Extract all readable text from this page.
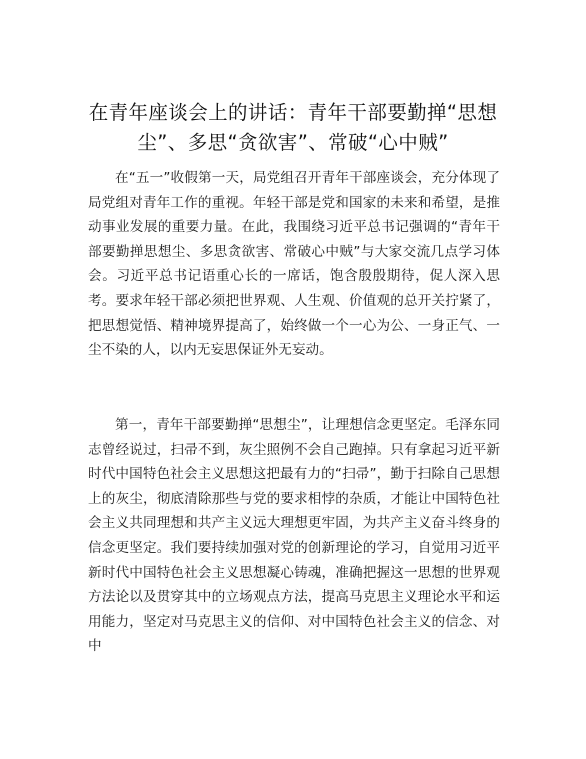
在青年座谈会上的讲话：青年干部要勤掸“思想尘”、多思“贪欲害”、常破“心中贼”

在“五一”收假第一天，局党组召开青年干部座谈会，充分体现了局党组对青年工作的重视。年轻干部是党和国家的未来和希望，是推动事业发展的重要力量。在此，我围绕习近平总书记强调的“青年干部要勤掸思想尘、多思贪欲害、常破心中贼”与大家交流几点学习体会。习近平总书记语重心长的一席话，饱含殷殷期待，促人深入思考。要求年轻干部必须把世界观、人生观、价值观的总开关拧紧了，把思想觉悟、精神境界提高了，始终做一个一心为公、一身正气、一尘不染的人，以内无妄思保证外无妄动。

第一，青年干部要勤掸“思想尘”，让理想信念更坚定。毛泽东同志曾经说过，扫帚不到，灰尘照例不会自己跑掉。只有拿起习近平新时代中国特色社会主义思想这把最有力的“扫帚”，勤于扫除自己思想上的灰尘，彻底清除那些与党的要求相悖的杂质，才能让中国特色社会主义共同理想和共产主义远大理想更牢固，为共产主义奋斗终身的信念更坚定。我们要持续加强对党的创新理论的学习，自觉用习近平新时代中国特色社会主义思想凝心铸魂，准确把握这一思想的世界观方法论以及贯穿其中的立场观点方法，提高马克思主义理论水平和运用能力，坚定对马克思主义的信仰、对中国特色社会主义的信念、对中
